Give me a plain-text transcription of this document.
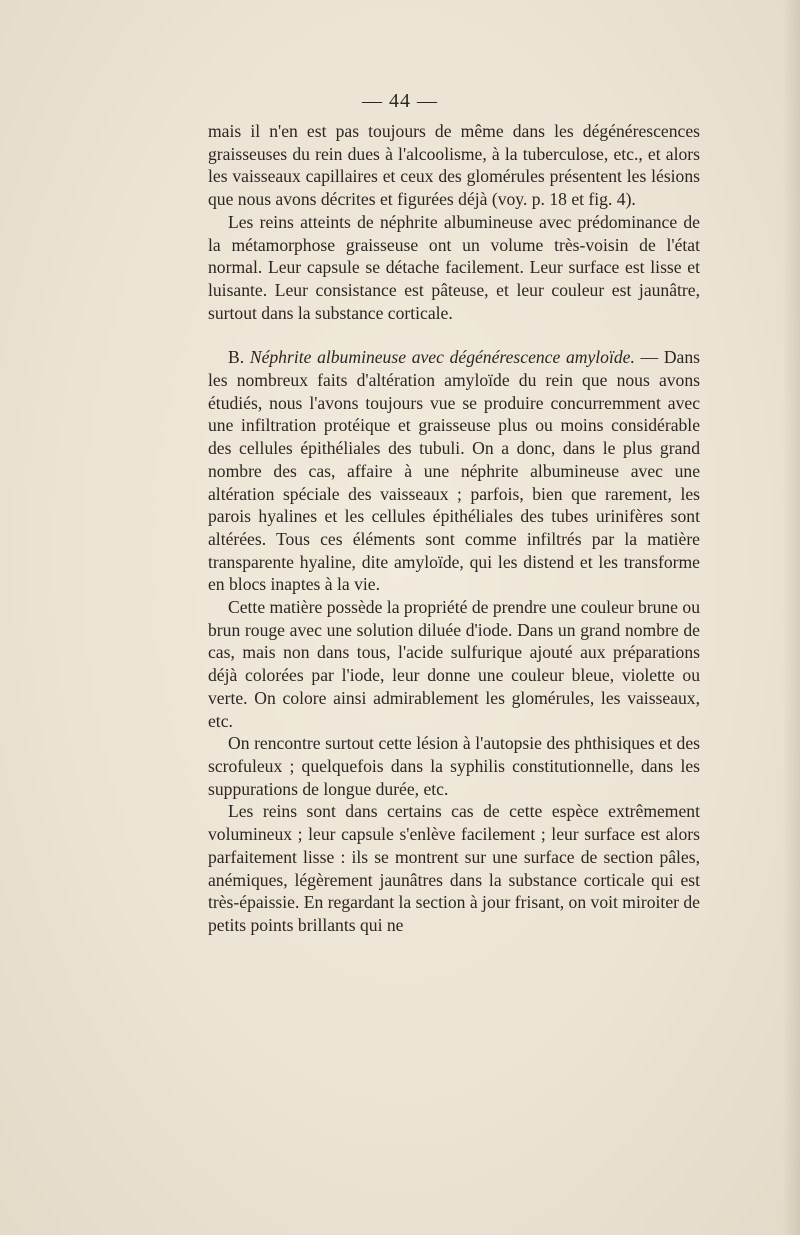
— 44 —

mais il n'en est pas toujours de même dans les dégénérescences graisseuses du rein dues à l'alcoolisme, à la tuberculose, etc., et alors les vaisseaux capillaires et ceux des glomérules présentent les lésions que nous avons décrites et figurées déjà (voy. p. 18 et fig. 4).

Les reins atteints de néphrite albumineuse avec prédominance de la métamorphose graisseuse ont un volume très-voisin de l'état normal. Leur capsule se détache facilement. Leur surface est lisse et luisante. Leur consistance est pâteuse, et leur couleur est jaunâtre, surtout dans la substance corticale.

B. Néphrite albumineuse avec dégénérescence amyloïde. — Dans les nombreux faits d'altération amyloïde du rein que nous avons étudiés, nous l'avons toujours vue se produire concurremment avec une infiltration protéique et graisseuse plus ou moins considérable des cellules épithéliales des tubuli. On a donc, dans le plus grand nombre des cas, affaire à une néphrite albumineuse avec une altération spéciale des vaisseaux ; parfois, bien que rarement, les parois hyalines et les cellules épithéliales des tubes urinifères sont altérées. Tous ces éléments sont comme infiltrés par la matière transparente hyaline, dite amyloïde, qui les distend et les transforme en blocs inaptes à la vie.

Cette matière possède la propriété de prendre une couleur brune ou brun rouge avec une solution diluée d'iode. Dans un grand nombre de cas, mais non dans tous, l'acide sulfurique ajouté aux préparations déjà colorées par l'iode, leur donne une couleur bleue, violette ou verte. On colore ainsi admirablement les glomérules, les vaisseaux, etc.

On rencontre surtout cette lésion à l'autopsie des phthisiques et des scrofuleux ; quelquefois dans la syphilis constitutionnelle, dans les suppurations de longue durée, etc.

Les reins sont dans certains cas de cette espèce extrêmement volumineux ; leur capsule s'enlève facilement ; leur surface est alors parfaitement lisse : ils se montrent sur une surface de section pâles, anémiques, légèrement jaunâtres dans la substance corticale qui est très-épaissie. En regardant la section à jour frisant, on voit miroiter de petits points brillants qui ne
